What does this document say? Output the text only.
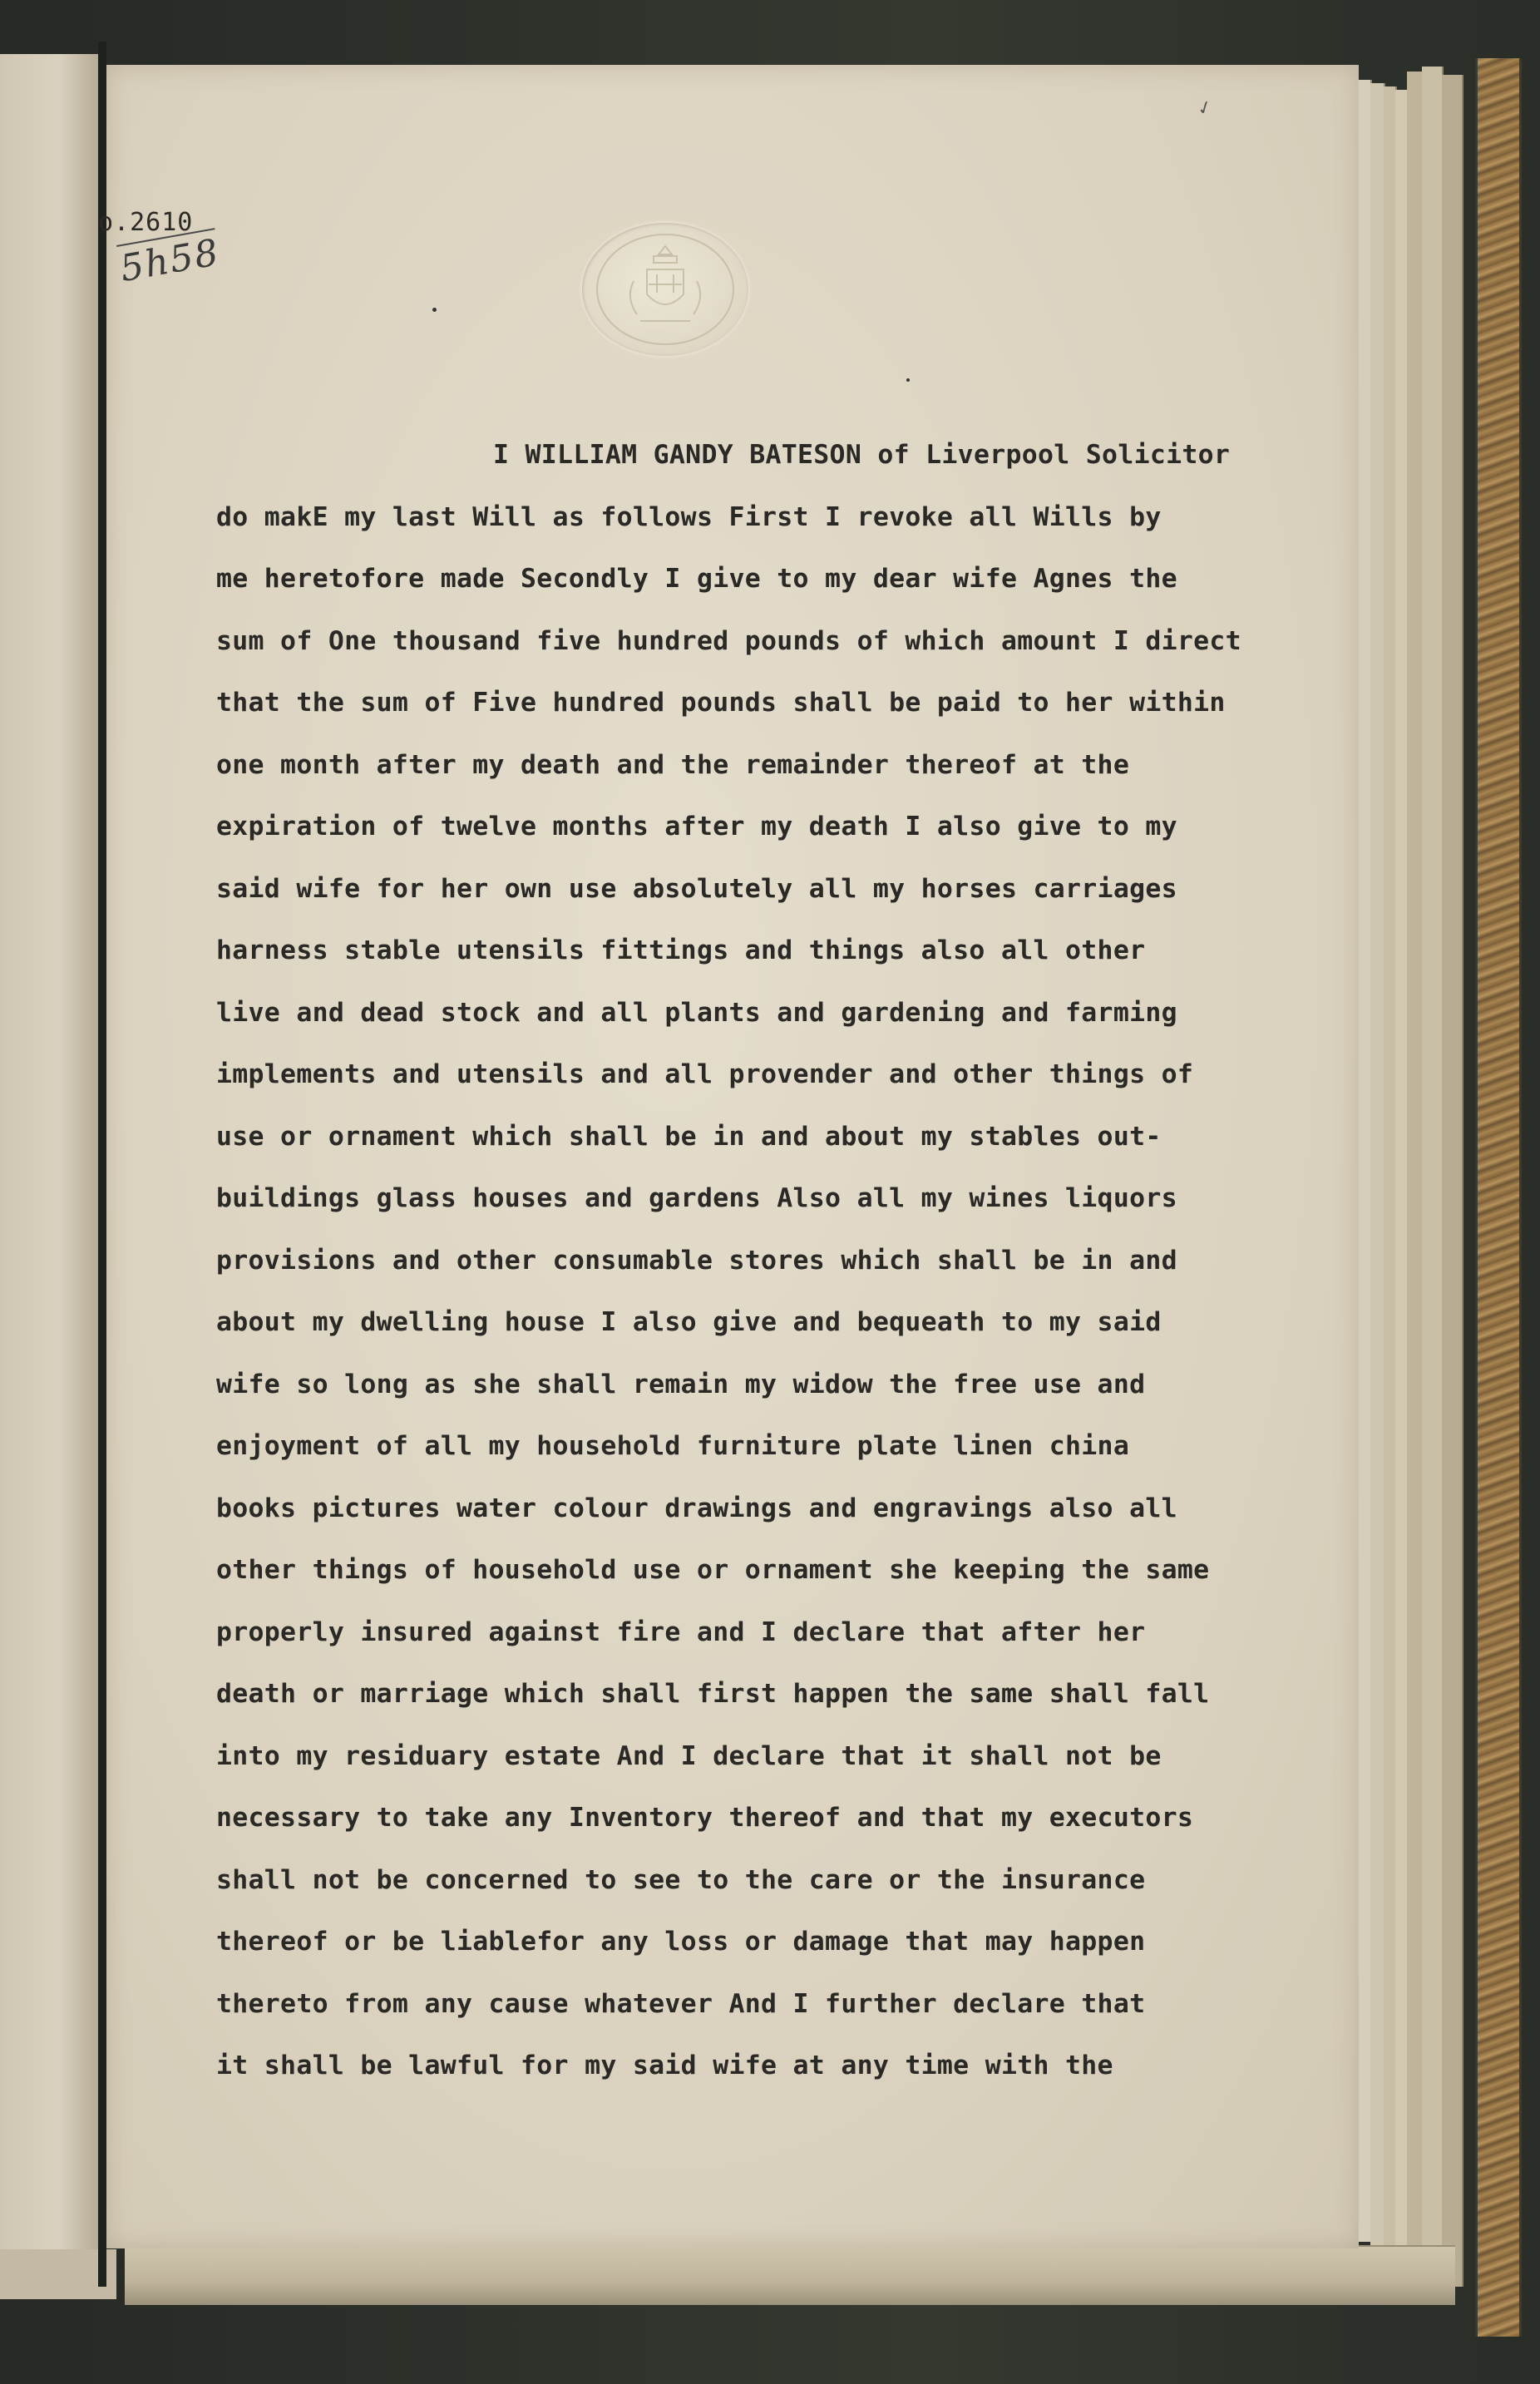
✓
o.2610
5h58
I WILLIAM GANDY BATESON of Liverpool Solicitor
do makE my last Will as follows First I revoke all Wills by
me heretofore made Secondly I give to my dear wife Agnes the
sum of One thousand five hundred pounds of which amount I direct
that the sum of Five hundred pounds shall be paid to her within
one month after my death and the remainder thereof at the
expiration of twelve months after my death I also give to my
said wife for her own use absolutely all my horses carriages
harness stable utensils fittings and things also all other
live and dead stock and all plants and gardening and farming
implements and utensils and all provender and other things of
use or ornament which shall be in and about my stables out-
buildings glass houses and gardens Also all my wines liquors
provisions and other consumable stores which shall be in and
about my dwelling house I also give and bequeath to my said
wife so long as she shall remain my widow the free use and
enjoyment of all my household furniture plate linen china
books pictures water colour drawings and engravings also all
other things of household use or ornament she keeping the same
properly insured against fire and I declare that after her
death or marriage which shall first happen the same shall fall
into my residuary estate And I declare that it shall not be
necessary to take any Inventory thereof and that my executors
shall not be concerned to see to the care or the insurance
thereof or be liablefor any loss or damage that may happen
thereto from any cause whatever And I further declare that
it shall be lawful for my said wife at any time with the
